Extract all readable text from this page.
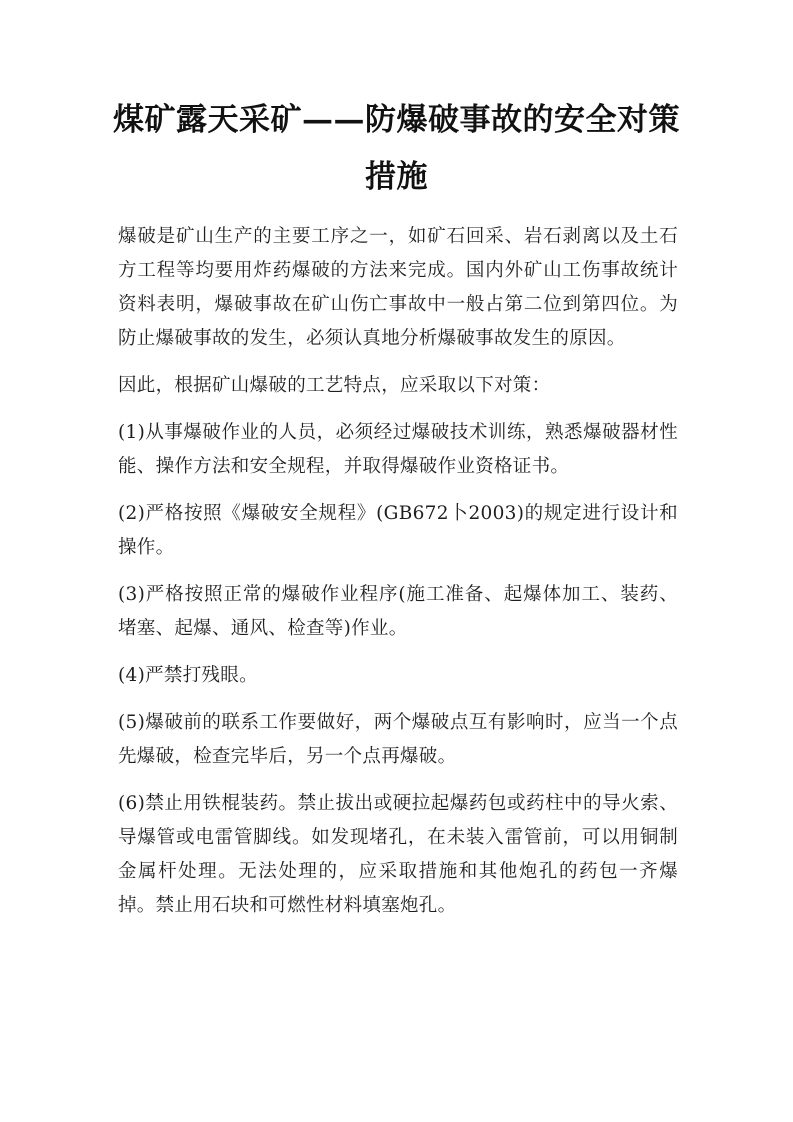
煤矿露天采矿——防爆破事故的安全对策措施

爆破是矿山生产的主要工序之一，如矿石回采、岩石剥离以及土石方工程等均要用炸药爆破的方法来完成。国内外矿山工伤事故统计资料表明，爆破事故在矿山伤亡事故中一般占第二位到第四位。为防止爆破事故的发生，必须认真地分析爆破事故发生的原因。

因此，根据矿山爆破的工艺特点，应采取以下对策：

(1)从事爆破作业的人员，必须经过爆破技术训练，熟悉爆破器材性能、操作方法和安全规程，并取得爆破作业资格证书。

(2)严格按照《爆破安全规程》(GB672卜2003)的规定进行设计和操作。

(3)严格按照正常的爆破作业程序(施工准备、起爆体加工、装药、堵塞、起爆、通风、检查等)作业。

(4)严禁打残眼。

(5)爆破前的联系工作要做好，两个爆破点互有影响时，应当一个点先爆破，检查完毕后，另一个点再爆破。

(6)禁止用铁棍装药。禁止拔出或硬拉起爆药包或药柱中的导火索、导爆管或电雷管脚线。如发现堵孔，在未装入雷管前，可以用铜制金属杆处理。无法处理的，应采取措施和其他炮孔的药包一齐爆掉。禁止用石块和可燃性材料填塞炮孔。
